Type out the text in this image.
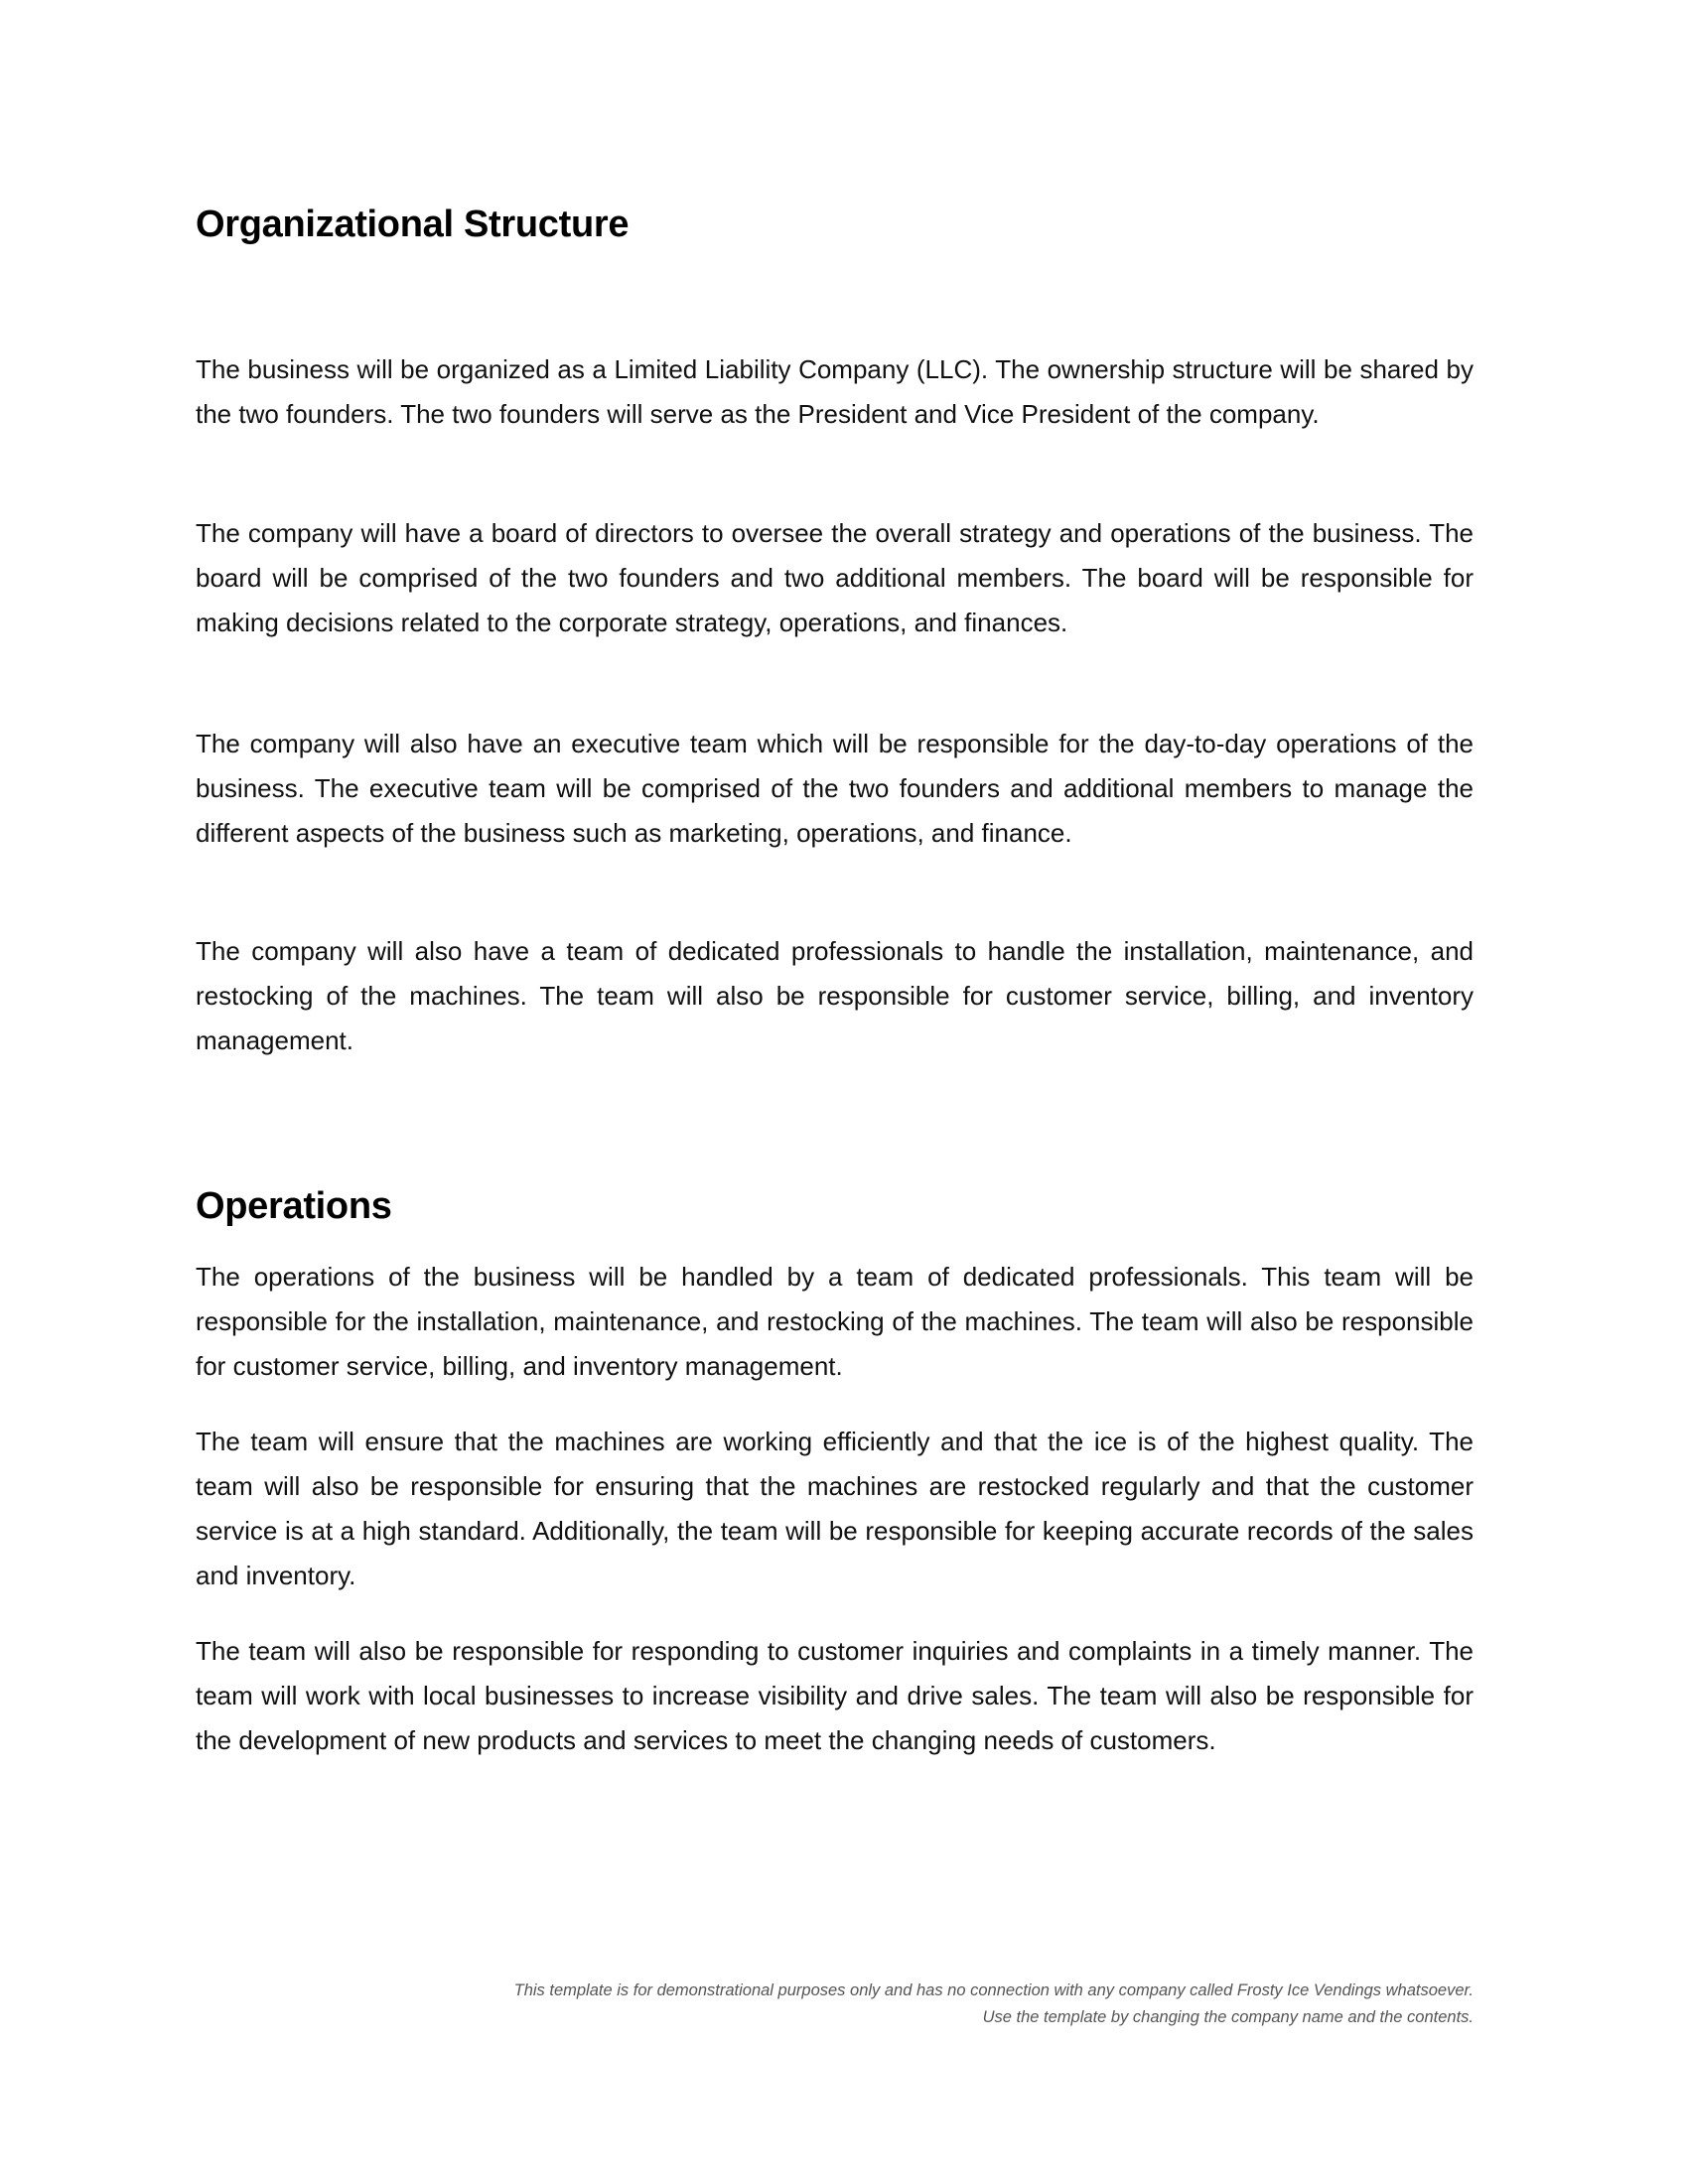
Organizational Structure

The business will be organized as a Limited Liability Company (LLC). The ownership structure will be shared by the two founders. The two founders will serve as the President and Vice President of the company.

The company will have a board of directors to oversee the overall strategy and operations of the business. The board will be comprised of the two founders and two additional members. The board will be responsible for making decisions related to the corporate strategy, operations, and finances.

The company will also have an executive team which will be responsible for the day-to-day operations of the business. The executive team will be comprised of the two founders and additional members to manage the different aspects of the business such as marketing, operations, and finance.

The company will also have a team of dedicated professionals to handle the installation, maintenance, and restocking of the machines. The team will also be responsible for customer service, billing, and inventory management.

Operations

The operations of the business will be handled by a team of dedicated professionals. This team will be responsible for the installation, maintenance, and restocking of the machines. The team will also be responsible for customer service, billing, and inventory management.

The team will ensure that the machines are working efficiently and that the ice is of the highest quality. The team will also be responsible for ensuring that the machines are restocked regularly and that the customer service is at a high standard. Additionally, the team will be responsible for keeping accurate records of the sales and inventory.

The team will also be responsible for responding to customer inquiries and complaints in a timely manner. The team will work with local businesses to increase visibility and drive sales. The team will also be responsible for the development of new products and services to meet the changing needs of customers.

This template is for demonstrational purposes only and has no connection with any company called Frosty Ice Vendings whatsoever.
Use the template by changing the company name and the contents.
